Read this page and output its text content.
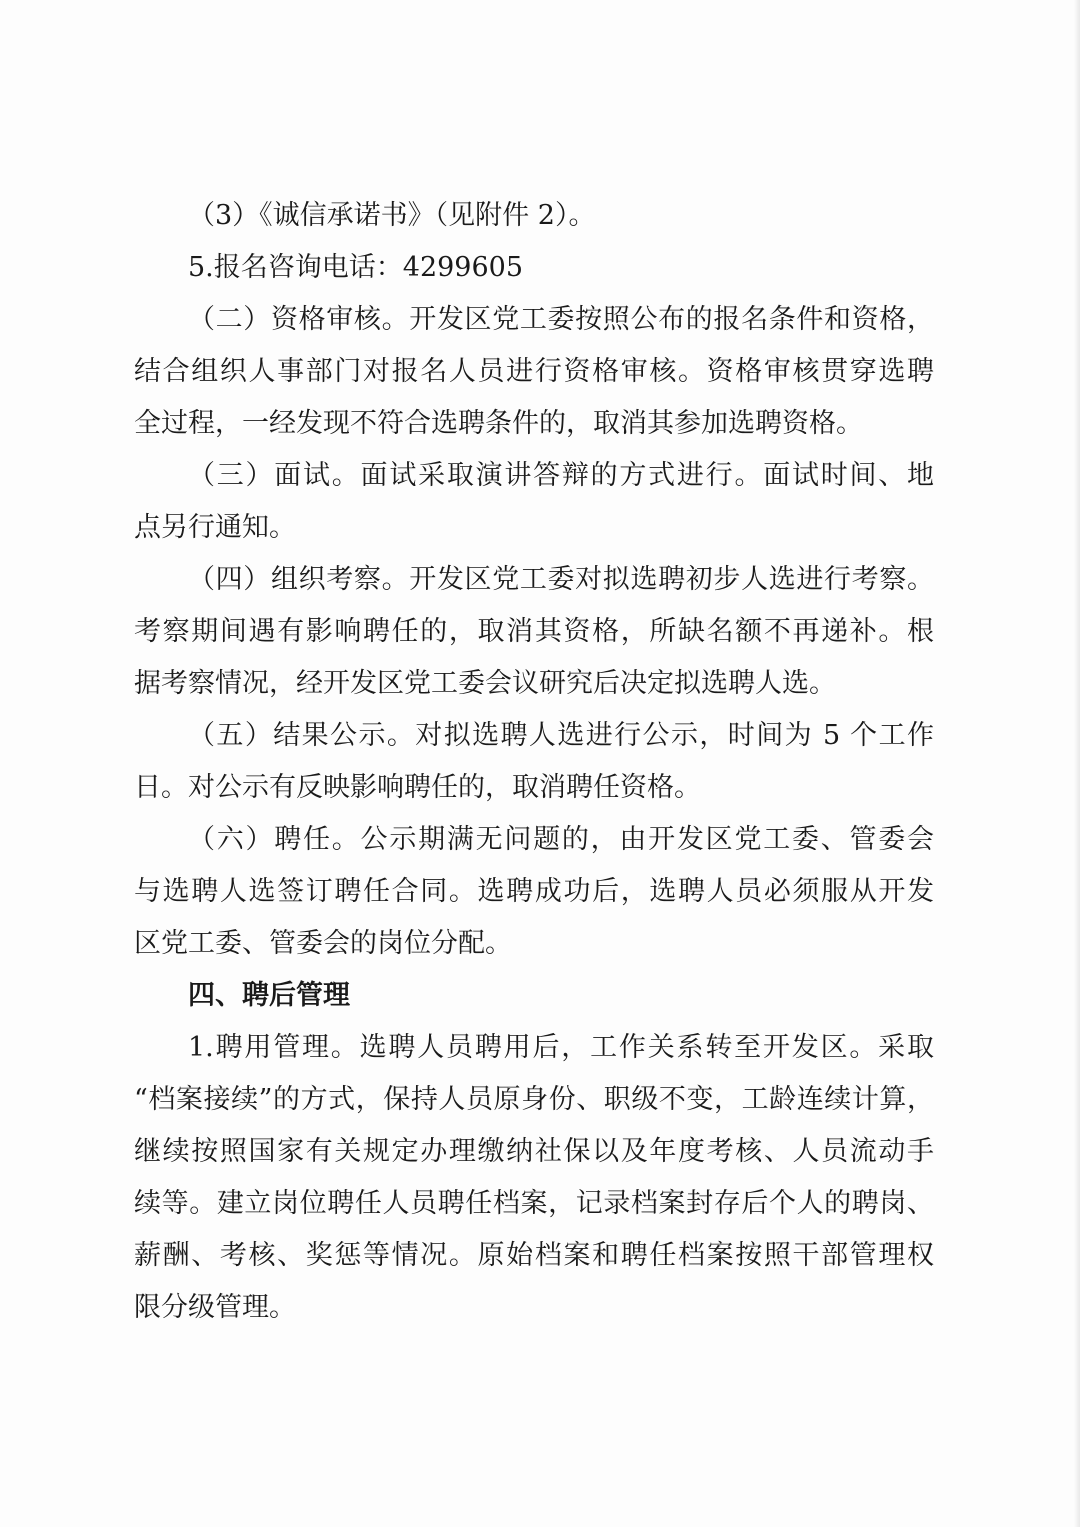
（3）《诚信承诺书》（见附件 2）。
5.报名咨询电话：4299605
（二）资格审核。开发区党工委按照公布的报名条件和资格，
结合组织人事部门对报名人员进行资格审核。资格审核贯穿选聘
全过程，一经发现不符合选聘条件的，取消其参加选聘资格。
（三）面试。面试采取演讲答辩的方式进行。面试时间、地
点另行通知。
（四）组织考察。开发区党工委对拟选聘初步人选进行考察。
考察期间遇有影响聘任的，取消其资格，所缺名额不再递补。根
据考察情况，经开发区党工委会议研究后决定拟选聘人选。
（五）结果公示。对拟选聘人选进行公示，时间为 5 个工作
日。对公示有反映影响聘任的，取消聘任资格。
（六）聘任。公示期满无问题的，由开发区党工委、管委会
与选聘人选签订聘任合同。选聘成功后，选聘人员必须服从开发
区党工委、管委会的岗位分配。
四、聘后管理
1.聘用管理。选聘人员聘用后，工作关系转至开发区。采取
“档案接续”的方式，保持人员原身份、职级不变，工龄连续计算，
继续按照国家有关规定办理缴纳社保以及年度考核、人员流动手
续等。建立岗位聘任人员聘任档案，记录档案封存后个人的聘岗、
薪酬、考核、奖惩等情况。原始档案和聘任档案按照干部管理权
限分级管理。
